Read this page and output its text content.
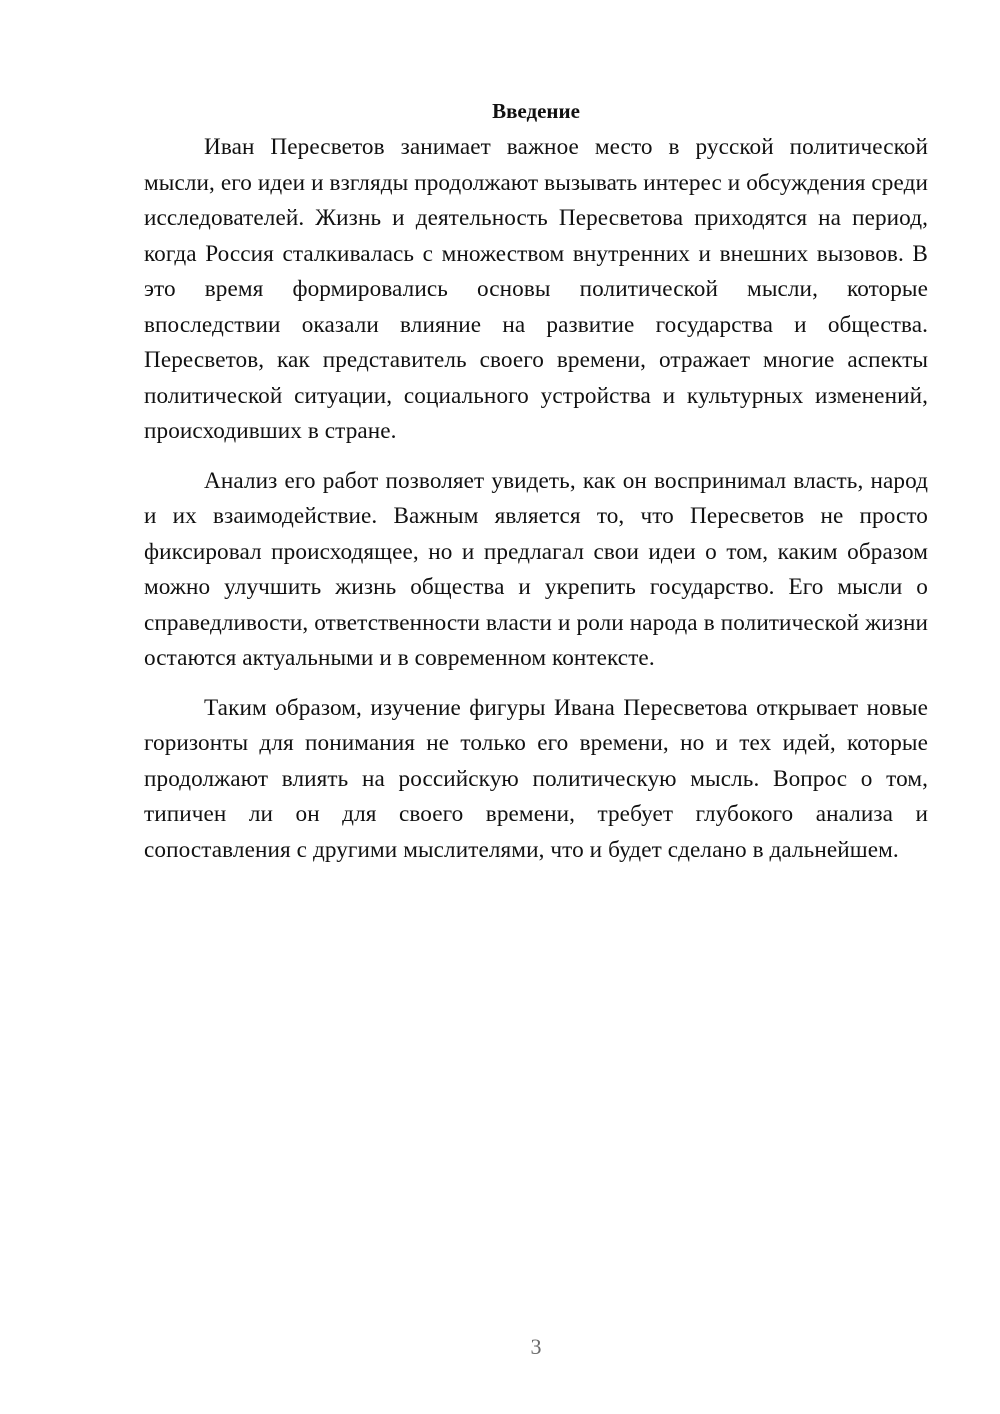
Введение

Иван Пересветов занимает важное место в русской политической мысли, его идеи и взгляды продолжают вызывать интерес и обсуждения среди исследователей. Жизнь и деятельность Пересветова приходятся на период, когда Россия сталкивалась с множеством внутренних и внешних вызовов. В это время формировались основы политической мысли, которые впоследствии оказали влияние на развитие государства и общества. Пересветов, как представитель своего времени, отражает многие аспекты политической ситуации, социального устройства и культурных изменений, происходивших в стране.

Анализ его работ позволяет увидеть, как он воспринимал власть, народ и их взаимодействие. Важным является то, что Пересветов не просто фиксировал происходящее, но и предлагал свои идеи о том, каким образом можно улучшить жизнь общества и укрепить государство. Его мысли о справедливости, ответственности власти и роли народа в политической жизни остаются актуальными и в современном контексте.

Таким образом, изучение фигуры Ивана Пересветова открывает новые горизонты для понимания не только его времени, но и тех идей, которые продолжают влиять на российскую политическую мысль. Вопрос о том, типичен ли он для своего времени, требует глубокого анализа и сопоставления с другими мыслителями, что и будет сделано в дальнейшем.

3
